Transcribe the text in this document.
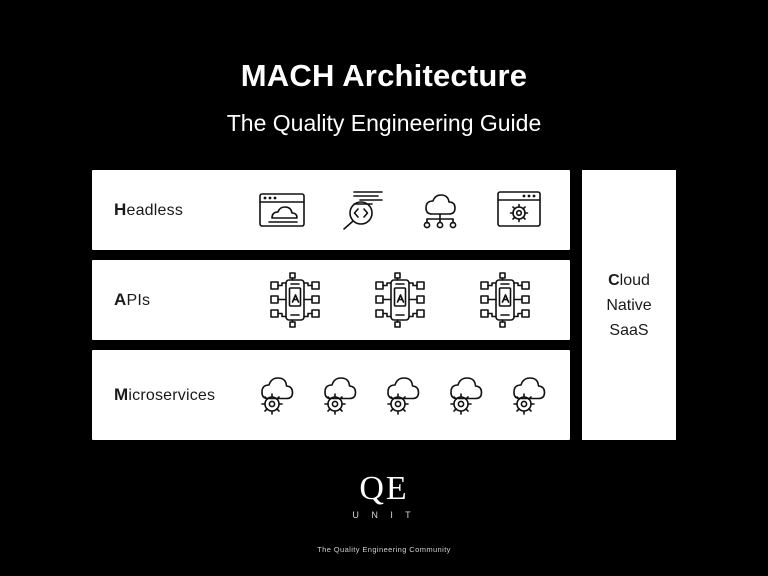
MACH Architecture
The Quality Engineering Guide
Headless
APIs
Microservices
Cloud
Native
SaaS
QE
U N I T
The Quality Engineering Community
